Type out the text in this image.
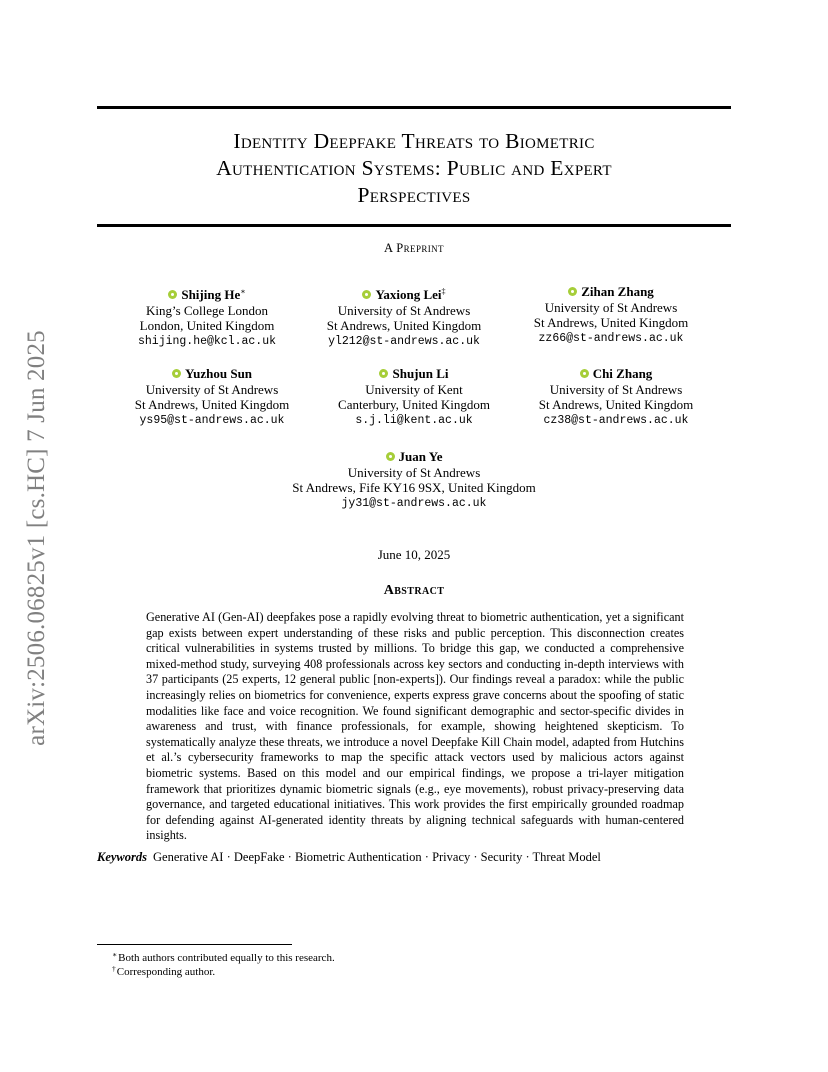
Identity Deepfake Threats to Biometric
Authentication Systems: Public and Expert
Perspectives
A Preprint
Shijing He∗
King’s College London
London, United Kingdom
shijing.he@kcl.ac.uk
Yaxiong Lei‡
University of St Andrews
St Andrews, United Kingdom
yl212@st-andrews.ac.uk
Zihan Zhang
University of St Andrews
St Andrews, United Kingdom
zz66@st-andrews.ac.uk
Yuzhou Sun
University of St Andrews
St Andrews, United Kingdom
ys95@st-andrews.ac.uk
Shujun Li
University of Kent
Canterbury, United Kingdom
s.j.li@kent.ac.uk
Chi Zhang
University of St Andrews
St Andrews, United Kingdom
cz38@st-andrews.ac.uk
Juan Ye
University of St Andrews
St Andrews, Fife KY16 9SX, United Kingdom
jy31@st-andrews.ac.uk
June 10, 2025
Abstract
Generative AI (Gen-AI) deepfakes pose a rapidly evolving threat to biometric authentication, yet a significant gap exists between expert understanding of these risks and public perception. This disconnection creates critical vulnerabilities in systems trusted by millions. To bridge this gap, we conducted a comprehensive mixed-method study, surveying 408 professionals across key sectors and conducting in-depth interviews with 37 participants (25 experts, 12 general public [non-experts]). Our findings reveal a paradox: while the public increasingly relies on biometrics for convenience, experts express grave concerns about the spoofing of static modalities like face and voice recognition. We found significant demographic and sector-specific divides in awareness and trust, with finance professionals, for example, showing heightened skepticism. To systematically analyze these threats, we introduce a novel Deepfake Kill Chain model, adapted from Hutchins et al.’s cybersecurity frameworks to map the specific attack vectors used by malicious actors against biometric systems. Based on this model and our empirical findings, we propose a tri-layer mitigation framework that prioritizes dynamic biometric signals (e.g., eye movements), robust privacy-preserving data governance, and targeted educational initiatives. This work provides the first empirically grounded roadmap for defending against AI-generated identity threats by aligning technical safeguards with human-centered insights.
Keywords Generative AI · DeepFake · Biometric Authentication · Privacy · Security · Threat Model
∗Both authors contributed equally to this research.
†Corresponding author.
arXiv:2506.06825v1 [cs.HC] 7 Jun 2025
